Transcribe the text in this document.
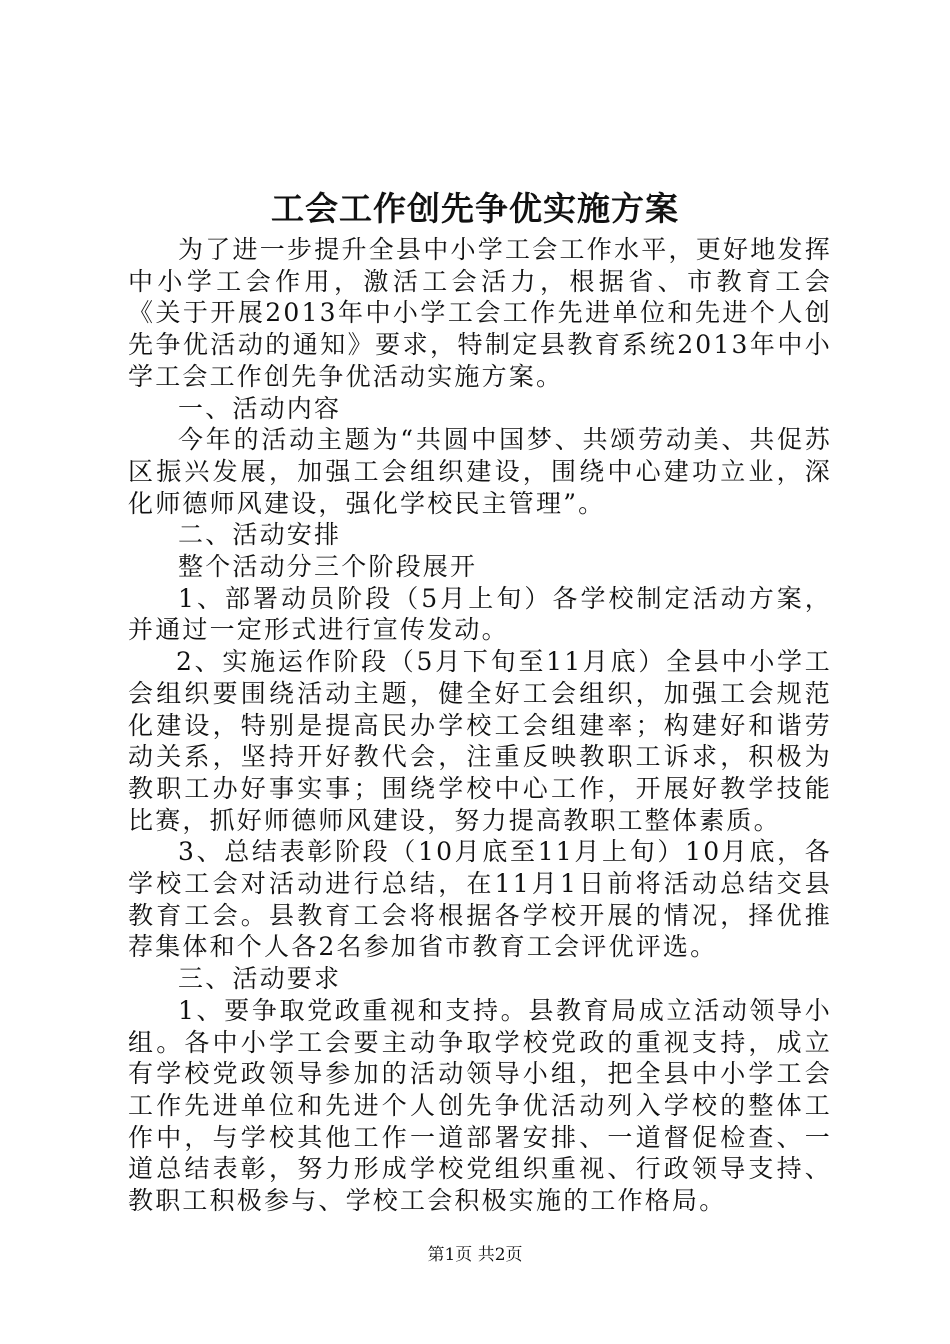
工会工作创先争优实施方案

为了进一步提升全县中小学工会工作水平，更好地发挥中小学工会作用，激活工会活力，根据省、市教育工会《关于开展2013年中小学工会工作先进单位和先进个人创先争优活动的通知》要求，特制定县教育系统2013年中小学工会工作创先争优活动实施方案。

一、活动内容

今年的活动主题为“共圆中国梦、共颂劳动美、共促苏区振兴发展，加强工会组织建设，围绕中心建功立业，深化师德师风建设，强化学校民主管理”。

二、活动安排

整个活动分三个阶段展开

1、部署动员阶段（5月上旬）各学校制定活动方案，并通过一定形式进行宣传发动。

2、实施运作阶段（5月下旬至11月底）全县中小学工会组织要围绕活动主题，健全好工会组织，加强工会规范化建设，特别是提高民办学校工会组建率；构建好和谐劳动关系，坚持开好教代会，注重反映教职工诉求，积极为教职工办好事实事；围绕学校中心工作，开展好教学技能比赛，抓好师德师风建设，努力提高教职工整体素质。

3、总结表彰阶段（10月底至11月上旬）10月底，各学校工会对活动进行总结，在11月1日前将活动总结交县教育工会。县教育工会将根据各学校开展的情况，择优推荐集体和个人各2名参加省市教育工会评优评选。

三、活动要求

1、要争取党政重视和支持。县教育局成立活动领导小组。各中小学工会要主动争取学校党政的重视支持，成立有学校党政领导参加的活动领导小组，把全县中小学工会工作先进单位和先进个人创先争优活动列入学校的整体工作中，与学校其他工作一道部署安排、一道督促检查、一道总结表彰，努力形成学校党组织重视、行政领导支持、教职工积极参与、学校工会积极实施的工作格局。

第1页 共2页
